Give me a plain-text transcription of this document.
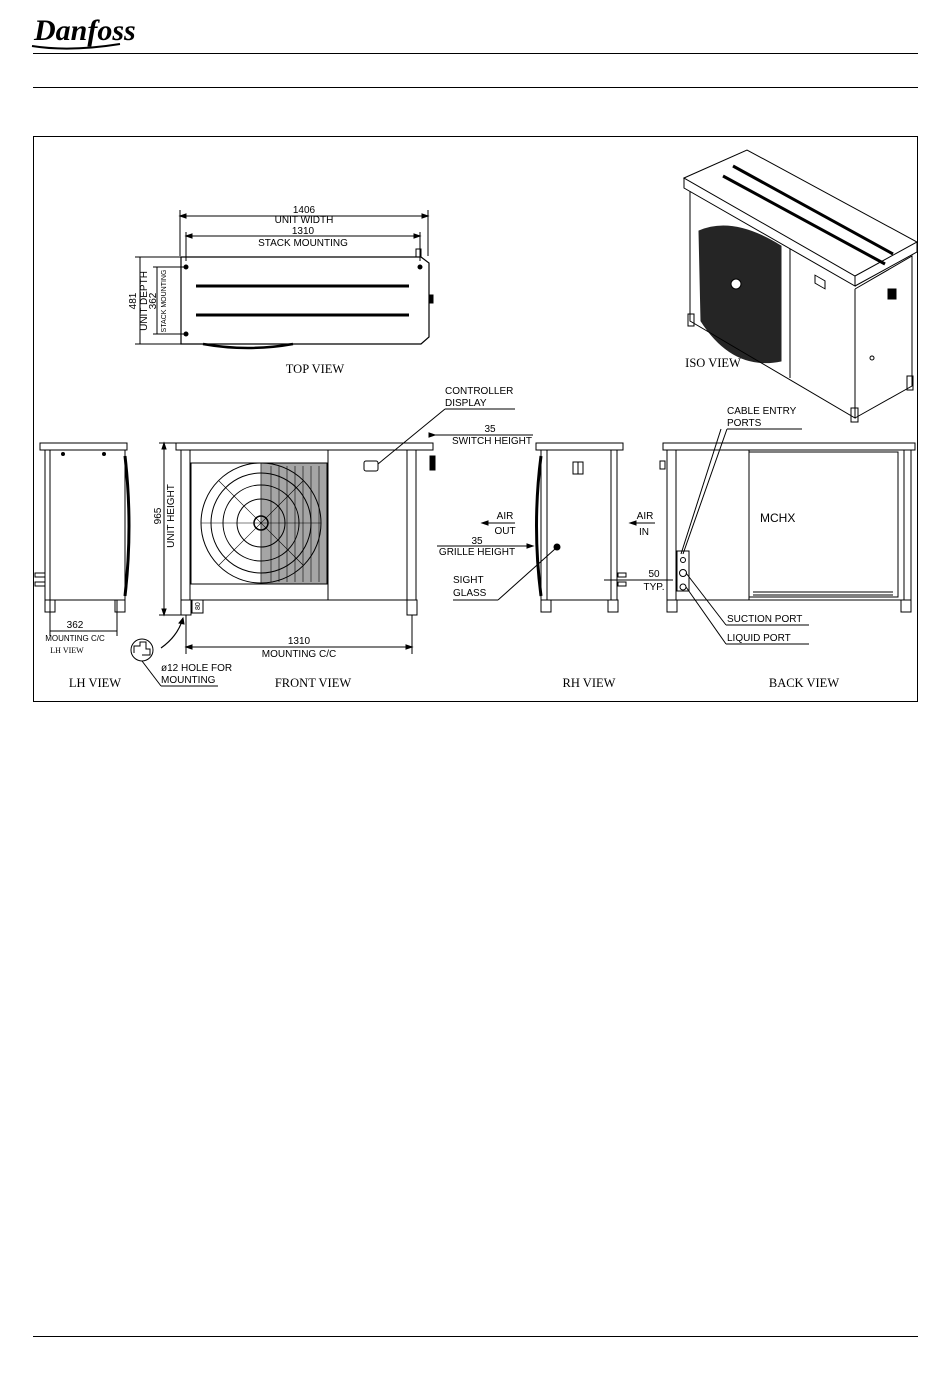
Danfoss
1406
UNIT WIDTH
1310
STACK MOUNTING
481 UNIT DEPTH
362 STACK MOUNTING
TOP VIEW	ISO VIEW
362
MOUNTING C/C
LH VIEW
LH VIEW
80
965 UNIT HEIGHT
CONTROLLER
DISPLAY
35
SWITCH HEIGHT
AIR
OUT
35
GRILLE HEIGHT
SIGHT
GLASS
1310
MOUNTING C/C
ø12 HOLE FOR
MOUNTING	FRONT VIEW
AIR
IN
50
TYP.
RH VIEW
CABLE ENTRY
PORTS
MCHX
SUCTION PORT
LIQUID PORT
BACK VIEW
